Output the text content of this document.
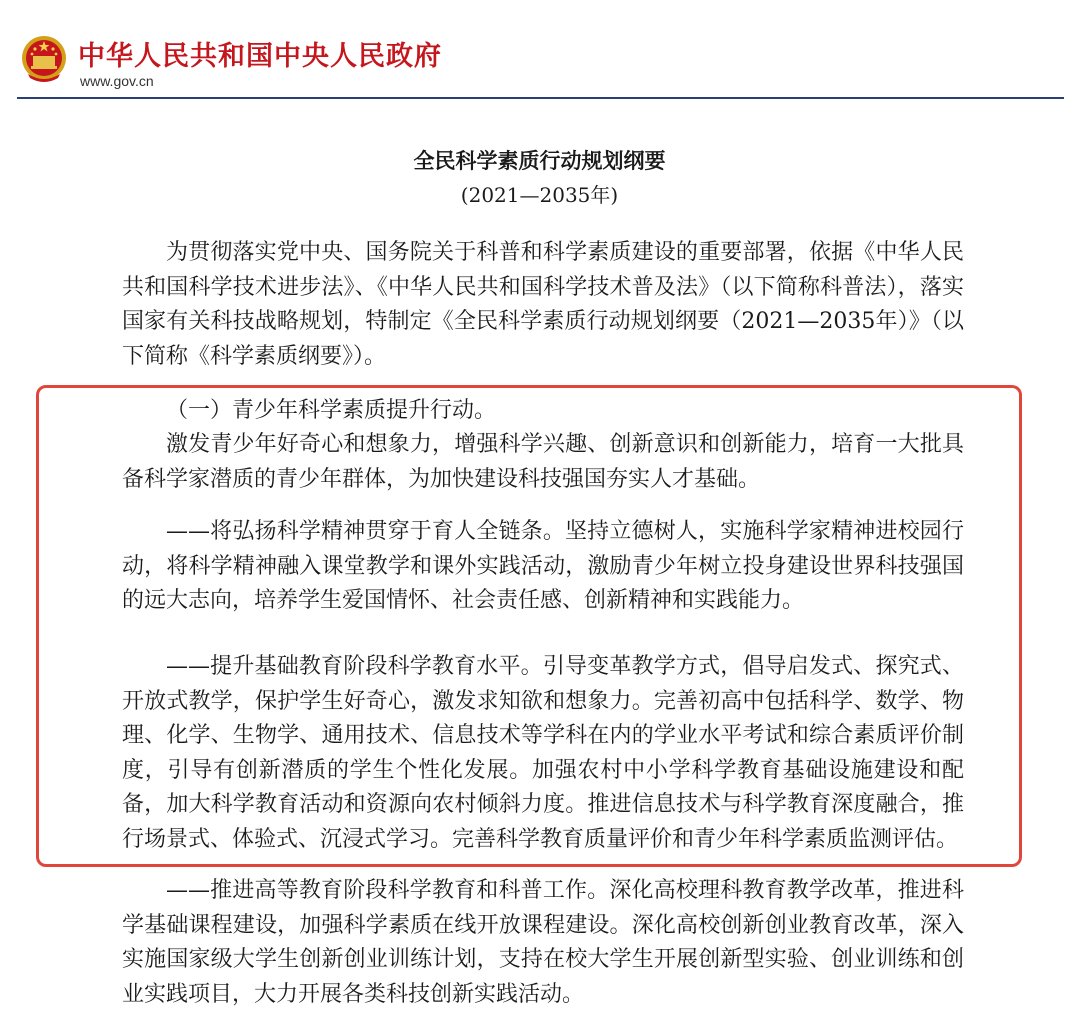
中华人民共和国中央人民政府
www.gov.cn
全民科学素质行动规划纲要
(2021—2035年)

为贯彻落实党中央、国务院关于科普和科学素质建设的重要部署，依据《中华人民共和国科学技术进步法》、《中华人民共和国科学技术普及法》（以下简称科普法），落实国家有关科技战略规划，特制定《全民科学素质行动规划纲要（2021—2035年）》（以下简称《科学素质纲要》）。

（一）青少年科学素质提升行动。

激发青少年好奇心和想象力，增强科学兴趣、创新意识和创新能力，培育一大批具备科学家潜质的青少年群体，为加快建设科技强国夯实人才基础。

——将弘扬科学精神贯穿于育人全链条。坚持立德树人，实施科学家精神进校园行动，将科学精神融入课堂教学和课外实践活动，激励青少年树立投身建设世界科技强国的远大志向，培养学生爱国情怀、社会责任感、创新精神和实践能力。

——提升基础教育阶段科学教育水平。引导变革教学方式，倡导启发式、探究式、开放式教学，保护学生好奇心，激发求知欲和想象力。完善初高中包括科学、数学、物理、化学、生物学、通用技术、信息技术等学科在内的学业水平考试和综合素质评价制度，引导有创新潜质的学生个性化发展。加强农村中小学科学教育基础设施建设和配备，加大科学教育活动和资源向农村倾斜力度。推进信息技术与科学教育深度融合，推行场景式、体验式、沉浸式学习。完善科学教育质量评价和青少年科学素质监测评估。

——推进高等教育阶段科学教育和科普工作。深化高校理科教育教学改革，推进科学基础课程建设，加强科学素质在线开放课程建设。深化高校创新创业教育改革，深入实施国家级大学生创新创业训练计划，支持在校大学生开展创新型实验、创业训练和创业实践项目，大力开展各类科技创新实践活动。
